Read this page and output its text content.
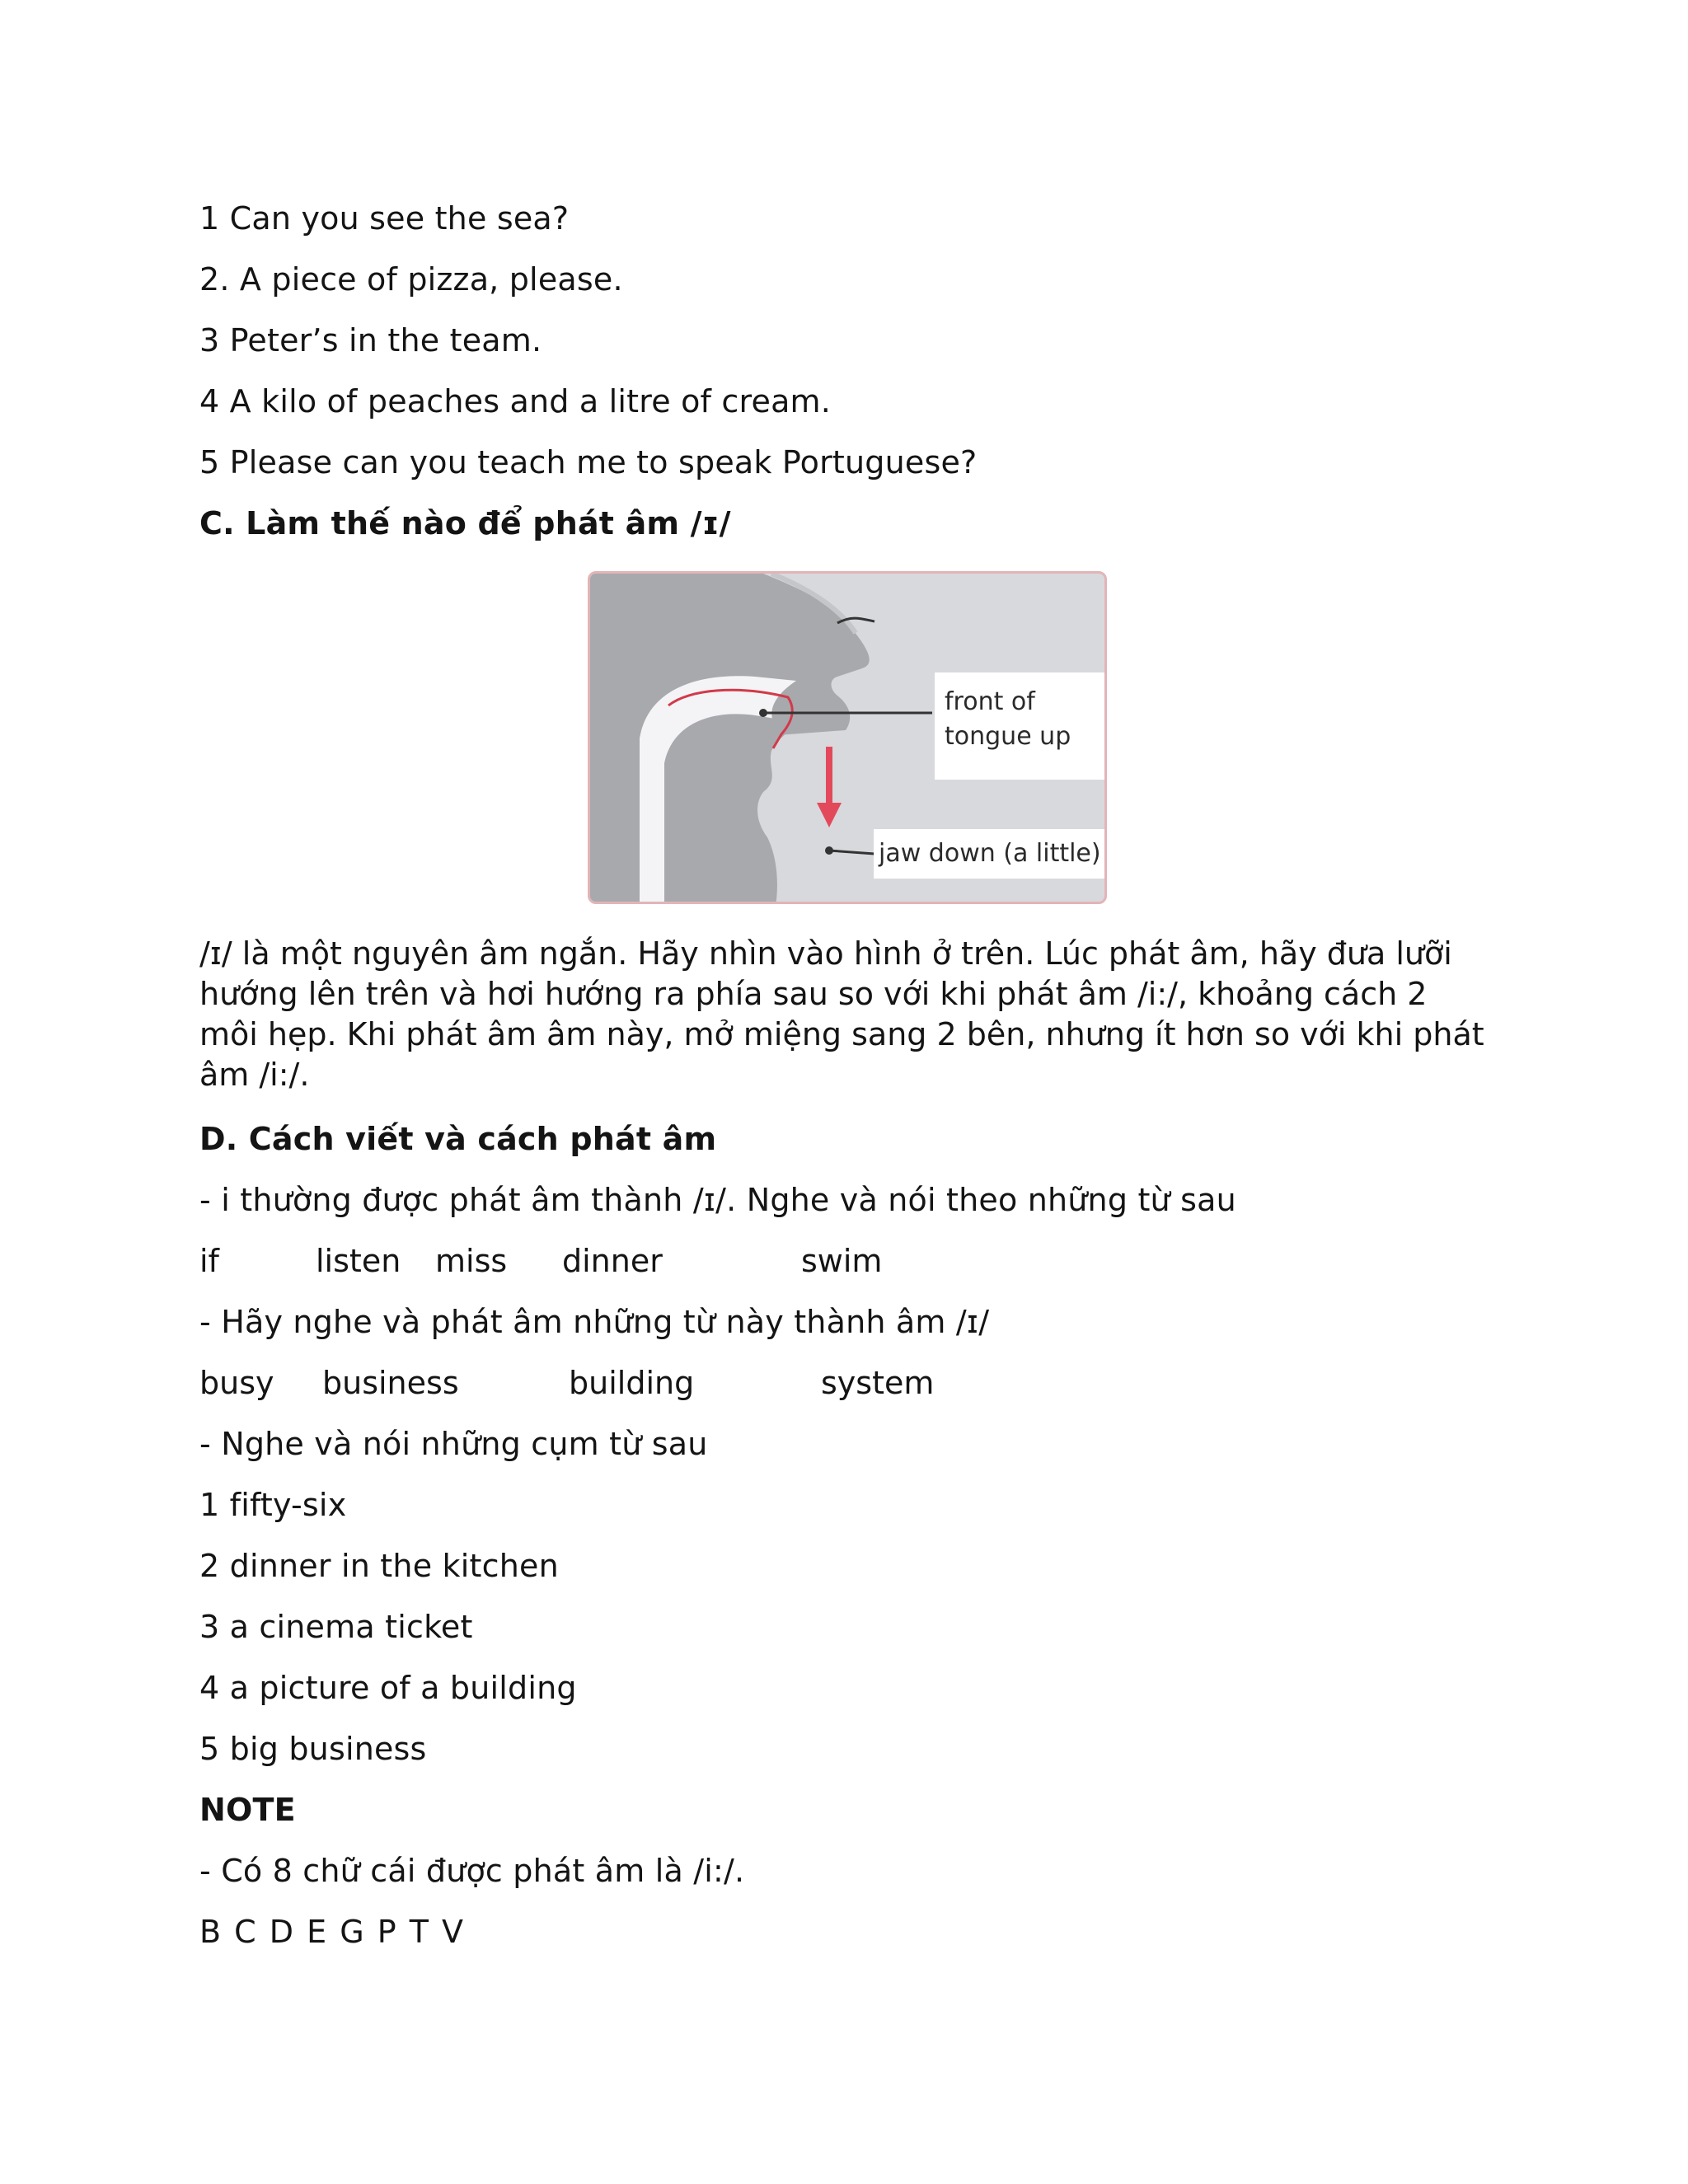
1 Can you see the sea?

2. A piece of pizza, please.

3 Peter’s in the team.

4 A kilo of peaches and a litre of cream.

5 Please can you teach me to speak Portuguese?

C. Làm thế nào để phát âm /ɪ/

front of
tongue up
jaw down (a little)

/ɪ/ là một nguyên âm ngắn. Hãy nhìn vào hình ở trên. Lúc phát âm, hãy đưa lưỡi hướng lên trên và hơi hướng ra phía sau so với khi phát âm /i:/, khoảng cách 2 môi hẹp. Khi phát âm âm này, mở miệng sang 2 bên, nhưng ít hơn so với khi phát âm /i:/.

D. Cách viết và cách phát âm

- i thường được phát âm thành /ɪ/. Nghe và nói theo những từ sau

if	listen miss dinner	swim

- Hãy nghe và phát âm những từ này thành âm /ɪ/

busy business	building	system

- Nghe và nói những cụm từ sau

1 fifty-six

2 dinner in the kitchen

3 a cinema ticket

4 a picture of a building

5 big business

NOTE

- Có 8 chữ cái được phát âm là /i:/.

B C D E G P T V
